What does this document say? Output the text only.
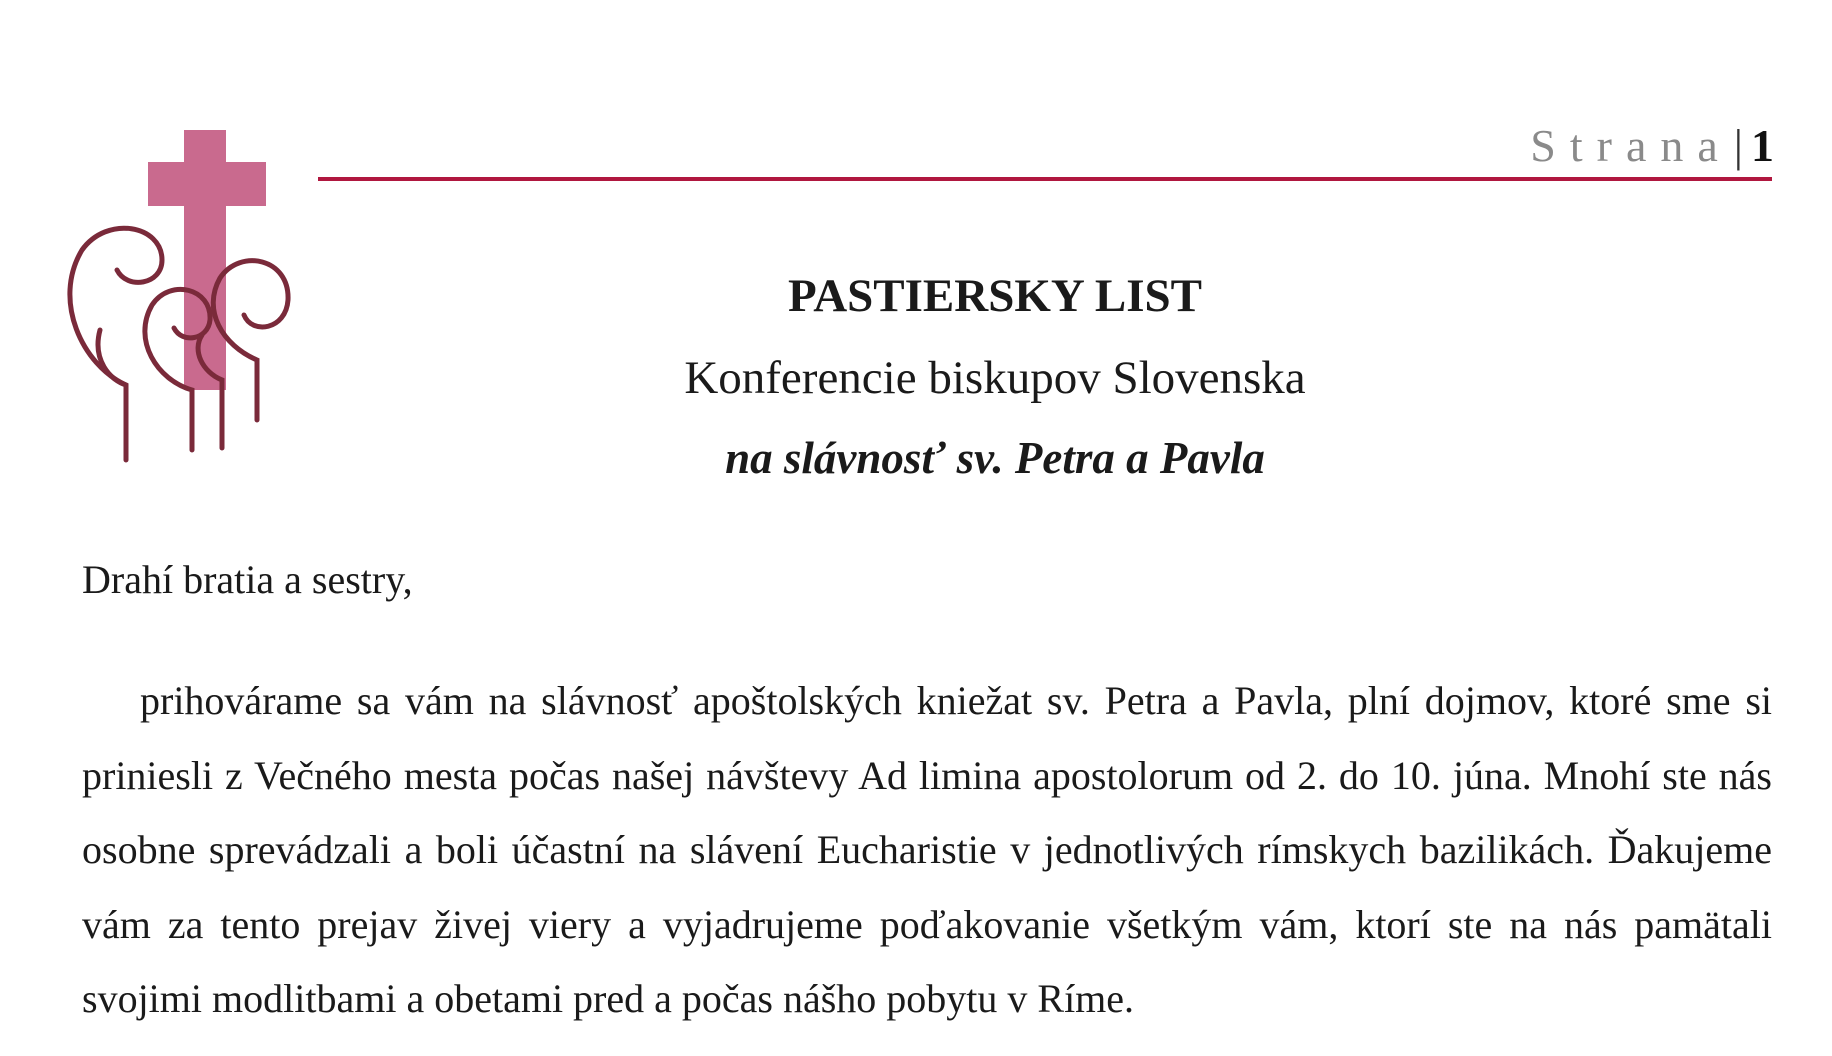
Strana| 1
PASTIERSKY LIST
Konferencie biskupov Slovenska
na slávnosť sv. Petra a Pavla
Drahí bratia a sestry,

prihovárame sa vám na slávnosť apoštolských kniežat sv. Petra a Pavla, plní dojmov, ktoré sme si priniesli z Večného mesta počas našej návštevy Ad limina apostolorum od 2. do 10. júna. Mnohí ste nás osobne sprevádzali a boli účastní na slávení Eucharistie v jednotlivých rímskych bazilikách. Ďakujeme vám za tento prejav živej viery a vyjadrujeme poďakovanie všetkým vám, ktorí ste na nás pamätali svojimi modlitbami a obetami pred a počas nášho pobytu v Ríme.
